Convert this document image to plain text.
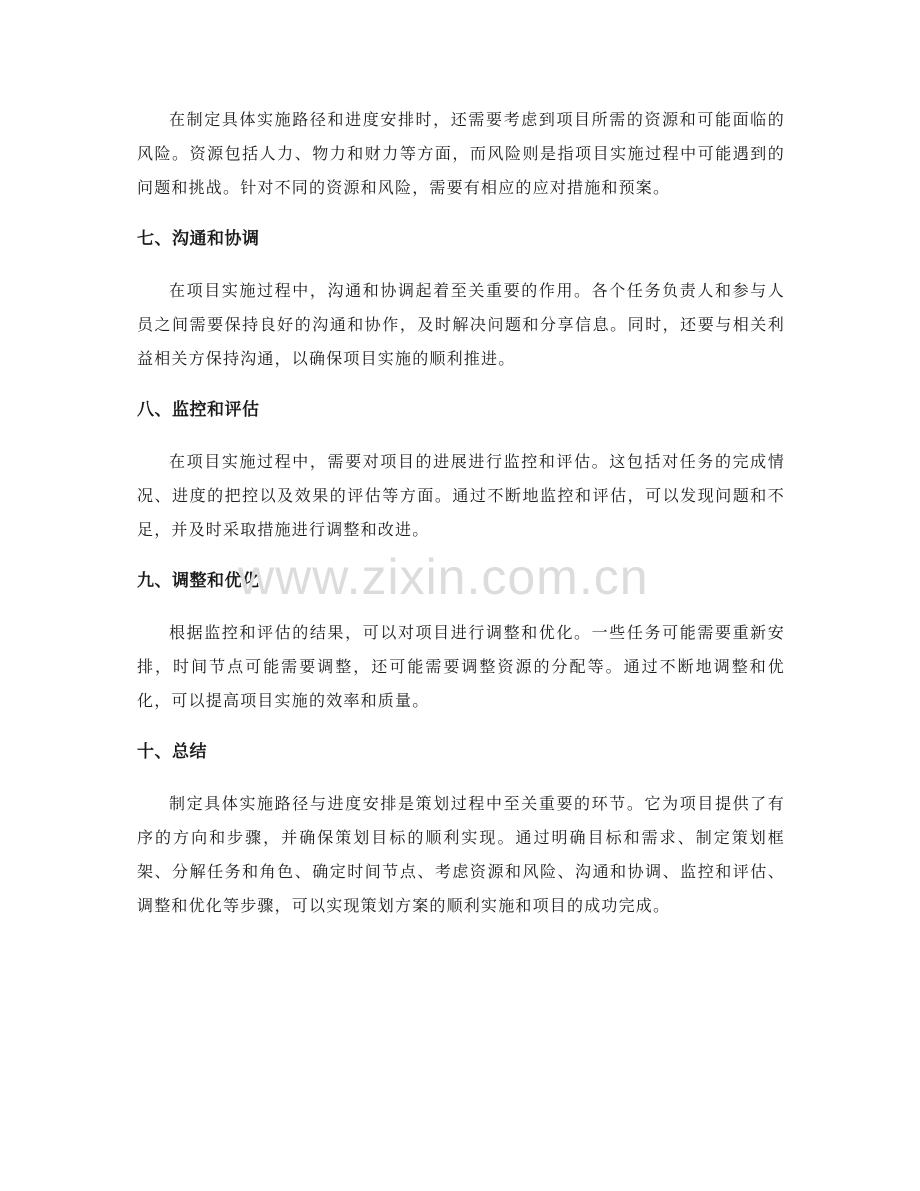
在制定具体实施路径和进度安排时，还需要考虑到项目所需的资源和可能面临的风险。资源包括人力、物力和财力等方面，而风险则是指项目实施过程中可能遇到的问题和挑战。针对不同的资源和风险，需要有相应的应对措施和预案。

七、沟通和协调

在项目实施过程中，沟通和协调起着至关重要的作用。各个任务负责人和参与人员之间需要保持良好的沟通和协作，及时解决问题和分享信息。同时，还要与相关利益相关方保持沟通，以确保项目实施的顺利推进。

八、监控和评估

在项目实施过程中，需要对项目的进展进行监控和评估。这包括对任务的完成情况、进度的把控以及效果的评估等方面。通过不断地监控和评估，可以发现问题和不足，并及时采取措施进行调整和改进。

九、调整和优化

根据监控和评估的结果，可以对项目进行调整和优化。一些任务可能需要重新安排，时间节点可能需要调整，还可能需要调整资源的分配等。通过不断地调整和优化，可以提高项目实施的效率和质量。

十、总结

制定具体实施路径与进度安排是策划过程中至关重要的环节。它为项目提供了有序的方向和步骤，并确保策划目标的顺利实现。通过明确目标和需求、制定策划框架、分解任务和角色、确定时间节点、考虑资源和风险、沟通和协调、监控和评估、调整和优化等步骤，可以实现策划方案的顺利实施和项目的成功完成。

www.zixin.com.cn
